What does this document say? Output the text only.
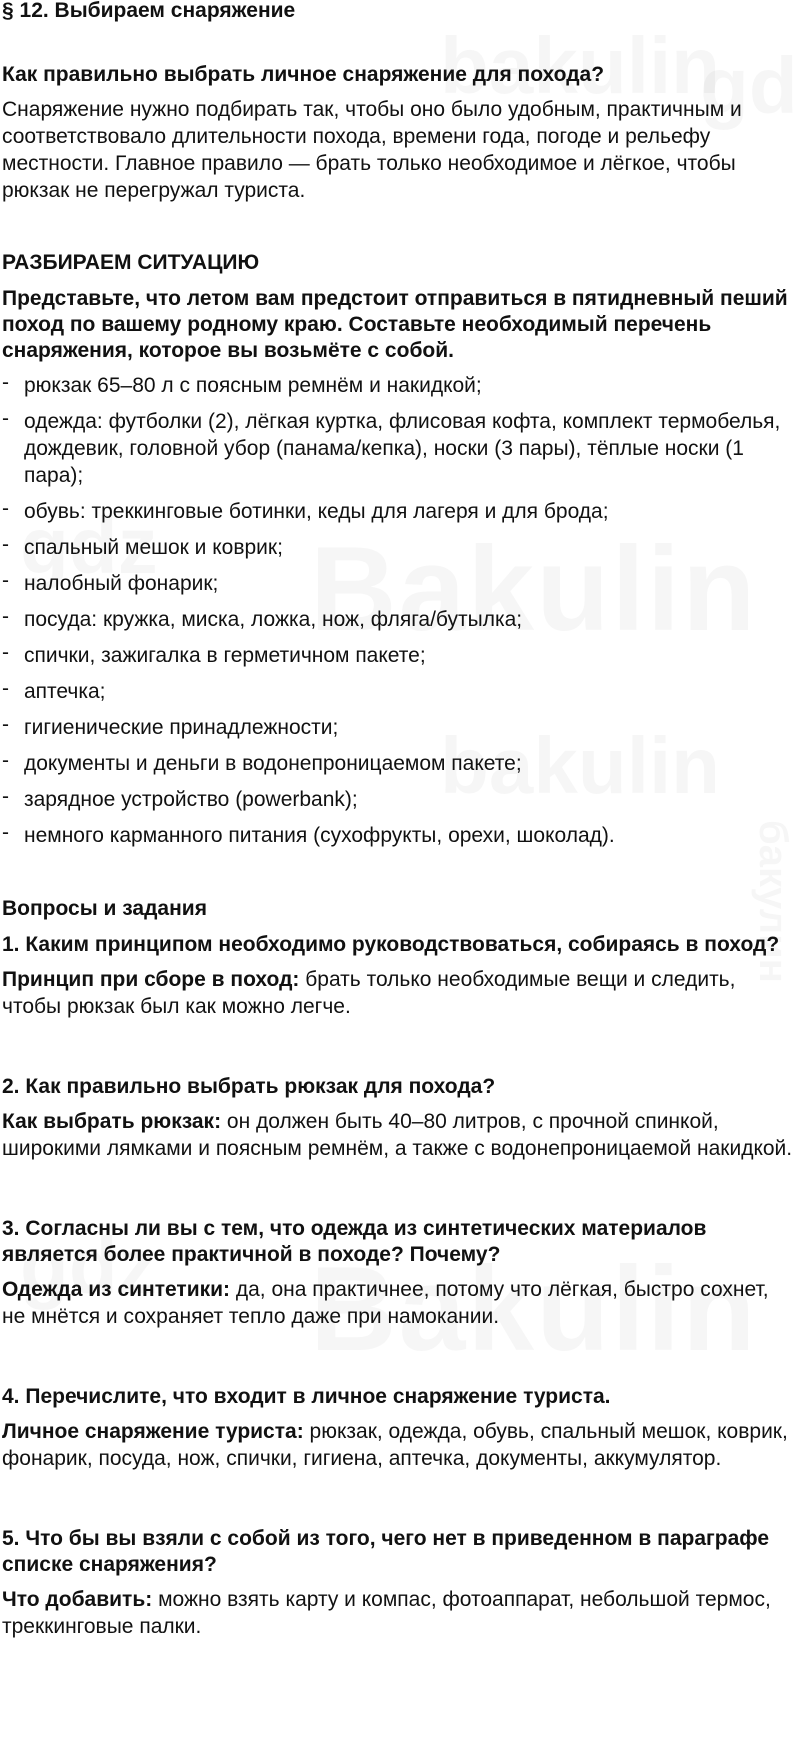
§ 12. Выбираем снаряжение

Как правильно выбрать личное снаряжение для похода?

Снаряжение нужно подбирать так, чтобы оно было удобным, практичным и соответствовало длительности похода, времени года, погоде и рельефу местности. Главное правило — брать только необходимое и лёгкое, чтобы рюкзак не перегружал туриста.

РАЗБИРАЕМ СИТУАЦИЮ

Представьте, что летом вам предстоит отправиться в пятидневный пеший поход по вашему родному краю. Составьте необходимый перечень снаряжения, которое вы возьмёте с собой.

- рюкзак 65–80 л с поясным ремнём и накидкой;
- одежда: футболки (2), лёгкая куртка, флисовая кофта, комплект термобелья, дождевик, головной убор (панама/кепка), носки (3 пары), тёплые носки (1 пара);
- обувь: треккинговые ботинки, кеды для лагеря и для брода;
- спальный мешок и коврик;
- налобный фонарик;
- посуда: кружка, миска, ложка, нож, фляга/бутылка;
- спички, зажигалка в герметичном пакете;
- аптечка;
- гигиенические принадлежности;
- документы и деньги в водонепроницаемом пакете;
- зарядное устройство (powerbank);
- немного карманного питания (сухофрукты, орехи, шоколад).

Вопросы и задания

1. Каким принципом необходимо руководствоваться, собираясь в поход?

Принцип при сборе в поход: брать только необходимые вещи и следить, чтобы рюкзак был как можно легче.

2. Как правильно выбрать рюкзак для похода?

Как выбрать рюкзак: он должен быть 40–80 литров, с прочной спинкой, широкими лямками и поясным ремнём, а также с водонепроницаемой накидкой.

3. Согласны ли вы с тем, что одежда из синтетических материалов является более практичной в походе? Почему?

Одежда из синтетики: да, она практичнее, потому что лёгкая, быстро сохнет, не мнётся и сохраняет тепло даже при намокании.

4. Перечислите, что входит в личное снаряжение туриста.

Личное снаряжение туриста: рюкзак, одежда, обувь, спальный мешок, коврик, фонарик, посуда, нож, спички, гигиена, аптечка, документы, аккумулятор.

5. Что бы вы взяли с собой из того, чего нет в приведенном в параграфе списке снаряжения?

Что добавить: можно взять карту и компас, фотоаппарат, небольшой термос, треккинговые палки.
